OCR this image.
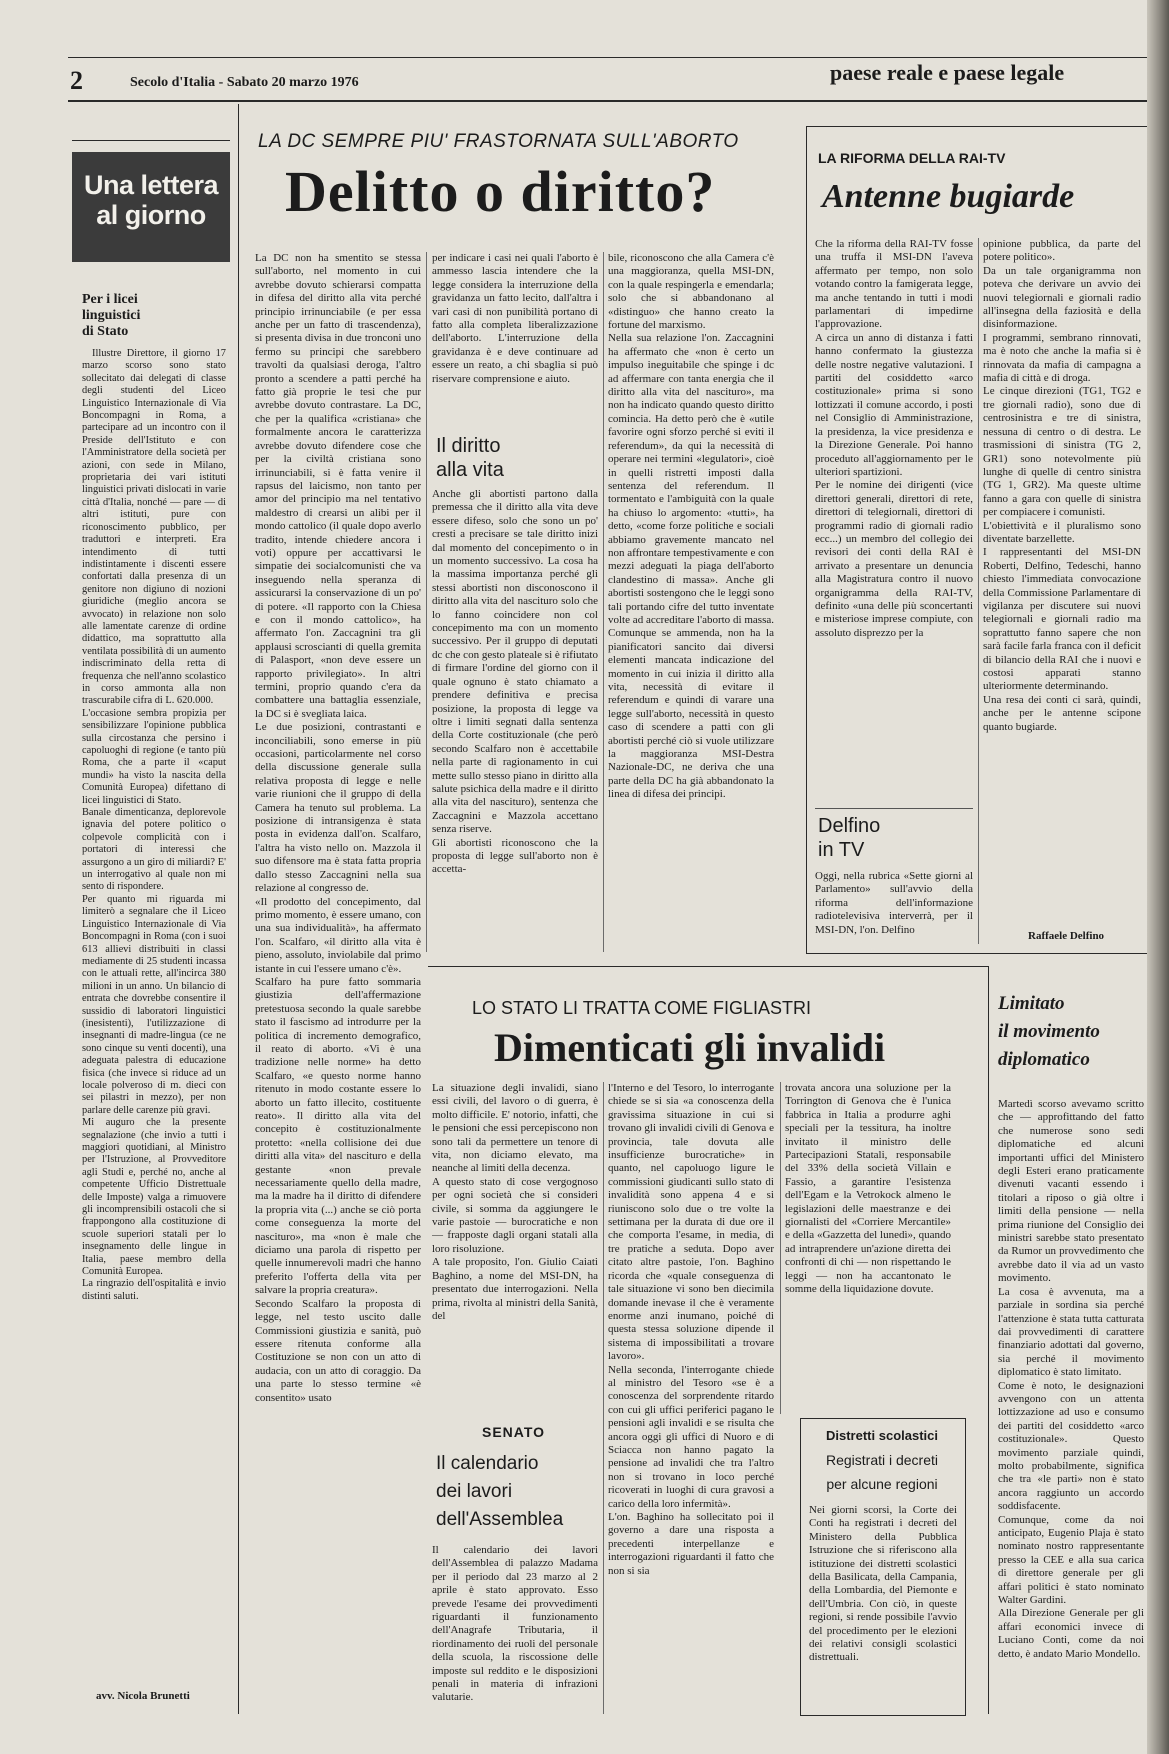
2	Secolo d'Italia - Sabato 20 marzo 1976	paese reale e paese legale
Una lettera
al giorno
Per i licei
linguistici
di Stato
Illustre Direttore, il giorno 17 marzo scorso sono stato sollecitato dai delegati di classe degli studenti del Liceo Linguistico Internazionale di Via Boncompagni in Roma, a partecipare ad un incontro con il Preside dell'Istituto e con l'Amministratore della società per azioni, con sede in Milano, proprietaria dei vari istituti linguistici privati dislocati in varie città d'Italia, nonché — pare — di altri istituti, pure con riconoscimento pubblico, per traduttori e interpreti. Era intendimento di tutti indistintamente i discenti essere confortati dalla presenza di un genitore non digiuno di nozioni giuridiche (meglio ancora se avvocato) in relazione non solo alle lamentate carenze di ordine didattico, ma soprattutto alla ventilata possibilità di un aumento indiscriminato della retta di frequenza che nell'anno scolastico in corso ammonta alla non trascurabile cifra di L. 620.000.
L'occasione sembra propizia per sensibilizzare l'opinione pubblica sulla circostanza che persino i capoluoghi di regione (e tanto più Roma, che a parte il «caput mundi» ha visto la nascita della Comunità Europea) difettano di licei linguistici di Stato.
Banale dimenticanza, deplorevole ignavia del potere politico o colpevole complicità con i portatori di interessi che assurgono a un giro di miliardi? E' un interrogativo al quale non mi sento di rispondere.
Per quanto mi riguarda mi limiterò a segnalare che il Liceo Linguistico Internazionale di Via Boncompagni in Roma (con i suoi 613 allievi distribuiti in classi mediamente di 25 studenti incassa con le attuali rette, all'incirca 380 milioni in un anno. Un bilancio di entrata che dovrebbe consentire il sussidio di laboratori linguistici (inesistenti), l'utilizzazione di insegnanti di madre-lingua (ce ne sono cinque su venti docenti), una adeguata palestra di educazione fisica (che invece si riduce ad un locale polveroso di m. dieci con sei pilastri in mezzo), per non parlare delle carenze più gravi.
Mi auguro che la presente segnalazione (che invio a tutti i maggiori quotidiani, al Ministro per l'Istruzione, al Provveditore agli Studi e, perché no, anche al competente Ufficio Distrettuale delle Imposte) valga a rimuovere gli incomprensibili ostacoli che si frappongono alla costituzione di scuole superiori statali per lo insegnamento delle lingue in Italia, paese membro della Comunità Europea.
La ringrazio dell'ospitalità e invio distinti saluti.
avv. Nicola Brunetti
LA DC SEMPRE PIU' FRASTORNATA SULL'ABORTO
Delitto o diritto?
La DC non ha smentito se stessa sull'aborto, nel momento in cui avrebbe dovuto schierarsi compatta in difesa del diritto alla vita perché principio irrinunciabile (e per essa anche per un fatto di trascendenza), si presenta divisa in due tronconi uno fermo su principi che sarebbero travolti da qualsiasi deroga, l'altro pronto a scendere a patti perché ha fatto già proprie le tesi che pur avrebbe dovuto contrastare. La DC, che per la qualifica «cristiana» che formalmente ancora le caratterizza avrebbe dovuto difendere cose che per la civiltà cristiana sono irrinunciabili, si è fatta venire il rapsus del laicismo, non tanto per amor del principio ma nel tentativo maldestro di crearsi un alibi per il mondo cattolico (il quale dopo averlo tradito, intende chiedere ancora i voti) oppure per accattivarsi le simpatie dei socialcomunisti che va inseguendo nella speranza di assicurarsi la conservazione di un po' di potere. «Il rapporto con la Chiesa e con il mondo cattolico», ha affermato l'on. Zaccagnini tra gli applausi scroscianti di quella gremita di Palasport, «non deve essere un rapporto privilegiato». In altri termini, proprio quando c'era da combattere una battaglia essenziale, la DC si è svegliata laica.
Le due posizioni, contrastanti e inconciliabili, sono emerse in più occasioni, particolarmente nel corso della discussione generale sulla relativa proposta di legge e nelle varie riunioni che il gruppo di della Camera ha tenuto sul problema. La posizione di intransigenza è stata posta in evidenza dall'on. Scalfaro, l'altra ha visto nello on. Mazzola il suo difensore ma è stata fatta propria dallo stesso Zaccagnini nella sua relazione al congresso de.
«Il prodotto del concepimento, dal primo momento, è essere umano, con una sua individualità», ha affermato l'on. Scalfaro, «il diritto alla vita è pieno, assoluto, inviolabile dal primo istante in cui l'essere umano c'è».
Scalfaro ha pure fatto sommaria giustizia dell'affermazione pretestuosa secondo la quale sarebbe stato il fascismo ad introdurre per la politica di incremento demografico, il reato di aborto. «Vi è una tradizione nelle norme» ha detto Scalfaro, «e questo norme hanno ritenuto in modo costante essere lo aborto un fatto illecito, costituente reato». Il diritto alla vita del concepito è costituzionalmente protetto: «nella collisione dei due diritti alla vita» del nascituro e della gestante «non prevale necessariamente quello della madre, ma la madre ha il diritto di difendere la propria vita (...) anche se ciò porta come conseguenza la morte del nascituro», ma «non è male che diciamo una parola di rispetto per quelle innumerevoli madri che hanno preferito l'offerta della vita per salvare la propria creatura».
Secondo Scalfaro la proposta di legge, nel testo uscito dalle Commissioni giustizia e sanità, può essere ritenuta conforme alla Costituzione se non con un atto di audacia, con un atto di coraggio. Da una parte lo stesso termine «è consentito» usato
per indicare i casi nei quali l'aborto è ammesso lascia intendere che la legge considera la interruzione della gravidanza un fatto lecito, dall'altra i vari casi di non punibilità portano di fatto alla completa liberalizzazione dell'aborto. L'interruzione della gravidanza è e deve continuare ad essere un reato, a chi sbaglia si può riservare comprensione e aiuto.
Il diritto
alla vita
Anche gli abortisti partono dalla premessa che il diritto alla vita deve essere difeso, solo che sono un po' cresti a precisare se tale diritto inizi dal momento del concepimento o in un momento successivo. La cosa ha la massima importanza perché gli stessi abortisti non disconoscono il diritto alla vita del nascituro solo che lo fanno coincidere non col concepimento ma con un momento successivo. Per il gruppo di deputati dc che con gesto plateale si è rifiutato di firmare l'ordine del giorno con il quale ognuno è stato chiamato a prendere definitiva e precisa posizione, la proposta di legge va oltre i limiti segnati dalla sentenza della Corte costituzionale (che però secondo Scalfaro non è accettabile nella parte di ragionamento in cui mette sullo stesso piano in diritto alla salute psichica della madre e il diritto alla vita del nascituro), sentenza che Zaccagnini e Mazzola accettano senza riserve.
Gli abortisti riconoscono che la proposta di legge sull'aborto non è accetta-
bile, riconoscono che alla Camera c'è una maggioranza, quella MSI-DN, con la quale respingerla e emendarla; solo che si abbandonano al «distinguo» che hanno creato la fortune del marxismo.
Nella sua relazione l'on. Zaccagnini ha affermato che «non è certo un impulso ineguitabile che spinge i dc ad affermare con tanta energia che il diritto alla vita del nascituro», ma non ha indicato quando questo diritto comincia. Ha detto però che è «utile favorire ogni sforzo perché si eviti il referendum», da qui la necessità di operare nei termini «legulatori», cioè in quelli ristretti imposti dalla sentenza del referendum. Il tormentato e l'ambiguità con la quale ha chiuso lo argomento: «tutti», ha detto, «come forze politiche e sociali abbiamo gravemente mancato nel non affrontare tempestivamente e con mezzi adeguati la piaga dell'aborto clandestino di massa». Anche gli abortisti sostengono che le leggi sono tali portando cifre del tutto inventate volte ad accreditare l'aborto di massa. Comunque se ammenda, non ha la pianificatori sancito dai diversi elementi mancata indicazione del momento in cui inizia il diritto alla vita, necessità di evitare il referendum e quindi di varare una legge sull'aborto, necessità in questo caso di scendere a patti con gli abortisti perché ciò si vuole utilizzare la maggioranza MSI-Destra Nazionale-DC, ne deriva che una parte della DC ha già abbandonato la linea di difesa dei principi.
LA RIFORMA DELLA RAI-TV
Antenne bugiarde
Che la riforma della RAI-TV fosse una truffa il MSI-DN l'aveva affermato per tempo, non solo votando contro la famigerata legge, ma anche tentando in tutti i modi parlamentari di impedirne l'approvazione.
A circa un anno di distanza i fatti hanno confermato la giustezza delle nostre negative valutazioni. I partiti del cosiddetto «arco costituzionale» prima si sono lottizzati il comune accordo, i posti nel Consiglio di Amministrazione, la presidenza, la vice presidenza e la Direzione Generale. Poi hanno proceduto all'aggiornamento per le ulteriori spartizioni.
Per le nomine dei dirigenti (vice direttori generali, direttori di rete, direttori di telegiornali, direttori di programmi radio di giornali radio ecc...) un membro del collegio dei revisori dei conti della RAI è arrivato a presentare un denuncia alla Magistratura contro il nuovo organigramma della RAI-TV, definito «una delle più sconcertanti e misteriose imprese compiute, con assoluto disprezzo per la
Delfino
in TV
Oggi, nella rubrica «Sette giorni al Parlamento» sull'avvio della riforma dell'informazione radiotelevisiva interverrà, per il MSI-DN, l'on. Delfino
opinione pubblica, da parte del potere politico».
Da un tale organigramma non poteva che derivare un avvio dei nuovi telegiornali e giornali radio all'insegna della faziosità e della disinformazione.
I programmi, sembrano rinnovati, ma è noto che anche la mafia si è rinnovata da mafia di campagna a mafia di città e di droga.
Le cinque direzioni (TG1, TG2 e tre giornali radio), sono due di centrosinistra e tre di sinistra, nessuna di centro o di destra. Le trasmissioni di sinistra (TG 2, GR1) sono notevolmente più lunghe di quelle di centro sinistra (TG 1, GR2). Ma queste ultime fanno a gara con quelle di sinistra per compiacere i comunisti.
L'obiettività e il pluralismo sono diventate barzellette.
I rappresentanti del MSI-DN Roberti, Delfino, Tedeschi, hanno chiesto l'immediata convocazione della Commissione Parlamentare di vigilanza per discutere sui nuovi telegiornali e giornali radio ma soprattutto fanno sapere che non sarà facile farla franca con il deficit di bilancio della RAI che i nuovi e costosi apparati stanno ulteriormente determinando.
Una resa dei conti ci sarà, quindi, anche per le antenne scipone quanto bugiarde.
Raffaele Delfino
LO STATO LI TRATTA COME FIGLIASTRI
Dimenticati gli invalidi
La situazione degli invalidi, siano essi civili, del lavoro o di guerra, è molto difficile. E' notorio, infatti, che le pensioni che essi percepiscono non sono tali da permettere un tenore di vita, non diciamo elevato, ma neanche al limiti della decenza.
A questo stato di cose vergognoso per ogni società che si consideri civile, si somma da aggiungere le varie pastoie — burocratiche e non — frapposte dagli organi statali alla loro risoluzione.
A tale proposito, l'on. Giulio Caiati Baghino, a nome del MSI-DN, ha presentato due interrogazioni. Nella prima, rivolta al ministri della Sanità, del
SENATO
Il calendario
dei lavori
dell'Assemblea
Il calendario dei lavori dell'Assemblea di palazzo Madama per il periodo dal 23 marzo al 2 aprile è stato approvato. Esso prevede l'esame dei provvedimenti riguardanti il funzionamento dell'Anagrafe Tributaria, il riordinamento dei ruoli del personale della scuola, la riscossione delle imposte sul reddito e le disposizioni penali in materia di infrazioni valutarie.
l'Interno e del Tesoro, lo interrogante chiede se si sia «a conoscenza della gravissima situazione in cui si trovano gli invalidi civili di Genova e provincia, tale dovuta alle insufficienze burocratiche» in quanto, nel capoluogo ligure le commissioni giudicanti sullo stato di invalidità sono appena 4 e si riuniscono solo due o tre volte la settimana per la durata di due ore il che comporta l'esame, in media, di tre pratiche a seduta. Dopo aver citato altre pastoie, l'on. Baghino ricorda che «quale conseguenza di tale situazione vi sono ben diecimila domande inevase il che è veramente enorme anzi inumano, poiché di questa stessa soluzione dipende il sistema di impossibilitati a trovare lavoro».
Nella seconda, l'interrogante chiede al ministro del Tesoro «se è a conoscenza del sorprendente ritardo con cui gli uffici periferici pagano le pensioni agli invalidi e se risulta che ancora oggi gli uffici di Nuoro e di Sciacca non hanno pagato la pensione ad invalidi che tra l'altro non si trovano in loco perché ricoverati in luoghi di cura gravosi a carico della loro infermità».
L'on. Baghino ha sollecitato poi il governo a dare una risposta a precedenti interpellanze e interrogazioni riguardanti il fatto che non si sia
trovata ancora una soluzione per la Torrington di Genova che è l'unica fabbrica in Italia a produrre aghi speciali per la tessitura, ha inoltre invitato il ministro delle Partecipazioni Statali, responsabile del 33% della società Villain e Fassio, a garantire l'esistenza dell'Egam e la Vetrokock almeno le legislazioni delle maestranze e dei giornalisti del «Corriere Mercantile» e della «Gazzetta del lunedì», quando ad intraprendere un'azione diretta dei confronti di chi — non rispettando le leggi — non ha accantonato le somme della liquidazione dovute.
Distretti scolastici
Registrati i decreti
per alcune regioni
Nei giorni scorsi, la Corte dei Conti ha registrati i decreti del Ministero della Pubblica Istruzione che si riferiscono alla istituzione dei distretti scolastici della Basilicata, della Campania, della Lombardia, del Piemonte e dell'Umbria. Con ciò, in queste regioni, si rende possibile l'avvio del procedimento per le elezioni dei relativi consigli scolastici distrettuali.
Limitato
il movimento
diplomatico
Martedì scorso avevamo scritto che — approfittando del fatto che numerose sono sedi diplomatiche ed alcuni importanti uffici del Ministero degli Esteri erano praticamente divenuti vacanti essendo i titolari a riposo o già oltre i limiti della pensione — nella prima riunione del Consiglio dei ministri sarebbe stato presentato da Rumor un provvedimento che avrebbe dato il via ad un vasto movimento.
La cosa è avvenuta, ma a parziale in sordina sia perché l'attenzione è stata tutta catturata dai provvedimenti di carattere finanziario adottati dal governo, sia perché il movimento diplomatico è stato limitato.
Come è noto, le designazioni avvengono con un attenta lottizzazione ad uso e consumo dei partiti del cosiddetto «arco costituzionale». Questo movimento parziale quindi, molto probabilmente, significa che tra «le parti» non è stato ancora raggiunto un accordo soddisfacente.
Comunque, come da noi anticipato, Eugenio Plaja è stato nominato nostro rappresentante presso la CEE e alla sua carica di direttore generale per gli affari politici è stato nominato Walter Gardini.
Alla Direzione Generale per gli affari economici invece di Luciano Conti, come da noi detto, è andato Mario Mondello.
